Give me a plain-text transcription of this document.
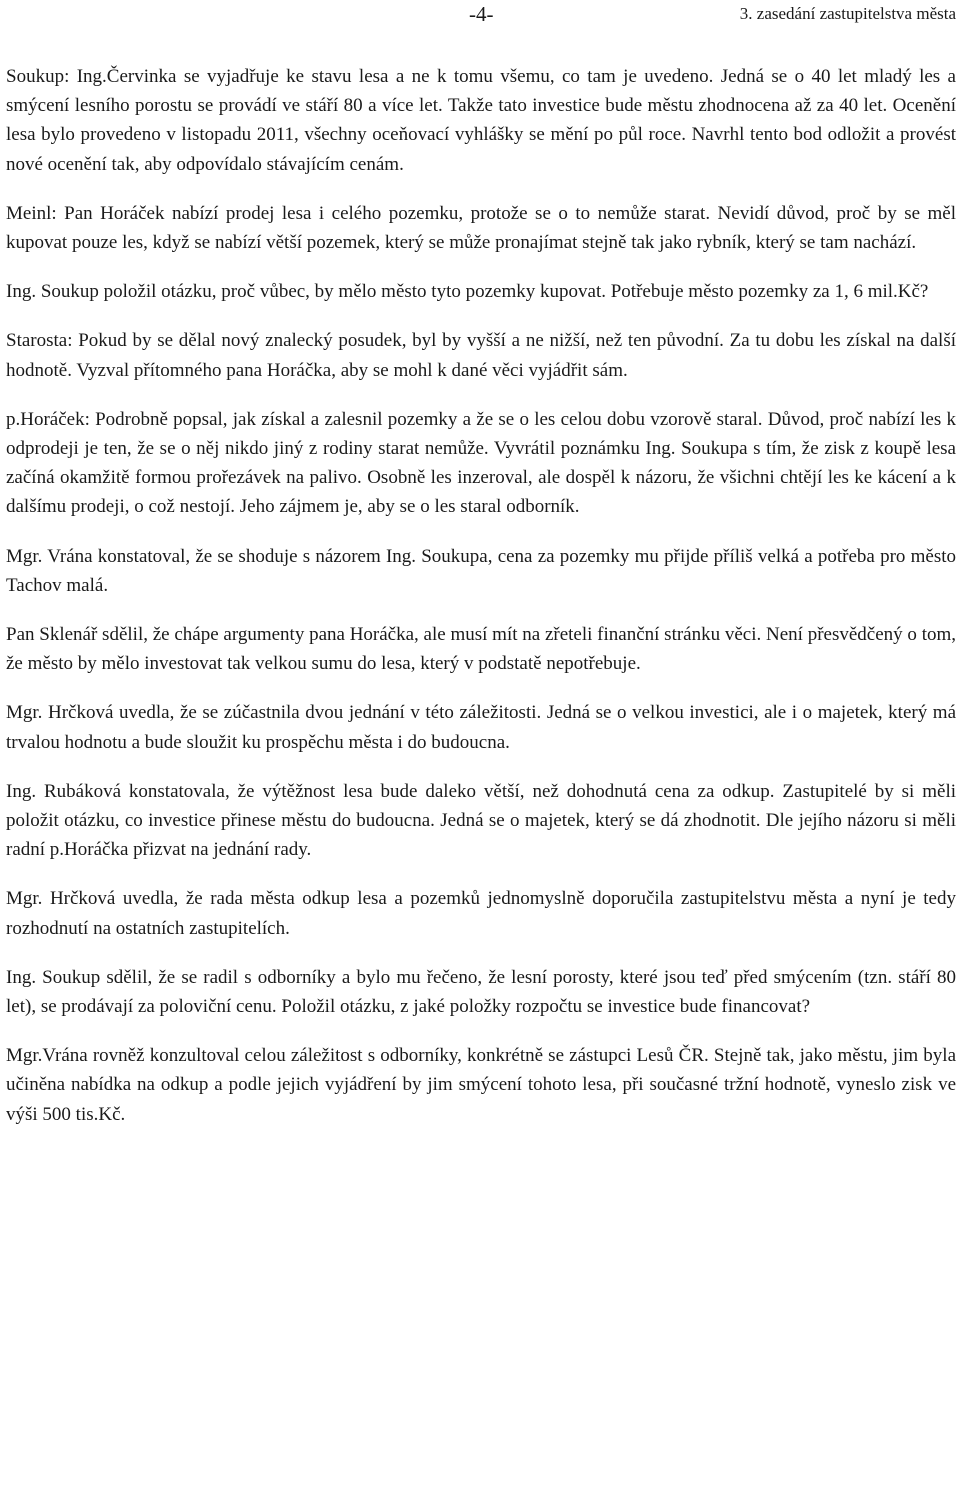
-4-	3. zasedání zastupitelstva města

Soukup: Ing.Červinka se vyjadřuje ke stavu lesa a ne k tomu všemu, co tam je uvedeno. Jedná se o 40 let mladý les a smýcení lesního porostu se provádí ve stáří 80 a více let. Takže tato investice bude městu zhodnocena až za 40 let. Ocenění lesa bylo provedeno v listopadu 2011, všechny oceňovací vyhlášky se mění po půl roce. Navrhl tento bod odložit a provést nové ocenění tak, aby odpovídalo stávajícím cenám.

Meinl: Pan Horáček nabízí prodej lesa i celého pozemku, protože se o to nemůže starat. Nevidí důvod, proč by se měl kupovat pouze les, když se nabízí větší pozemek, který se může pronajímat stejně tak jako rybník, který se tam nachází.

Ing. Soukup položil otázku, proč vůbec, by mělo město tyto pozemky kupovat. Potřebuje město pozemky za 1, 6 mil.Kč?

Starosta: Pokud by se dělal nový znalecký posudek, byl by vyšší a ne nižší, než ten původní. Za tu dobu les získal na další hodnotě. Vyzval přítomného pana Horáčka, aby se mohl k dané věci vyjádřit sám.

p.Horáček: Podrobně popsal, jak získal a zalesnil pozemky a že se o les celou dobu vzorově staral. Důvod, proč nabízí les k odprodeji je ten, že se o něj nikdo jiný z rodiny starat nemůže. Vyvrátil poznámku Ing. Soukupa s tím, že zisk z koupě lesa začíná okamžitě formou prořezávek na palivo. Osobně les inzeroval, ale dospěl k názoru, že všichni chtějí les ke kácení a k dalšímu prodeji, o což nestojí. Jeho zájmem je, aby se o les staral odborník.

Mgr. Vrána konstatoval, že se shoduje s názorem Ing. Soukupa, cena za pozemky mu přijde příliš velká a potřeba pro město Tachov malá.

Pan Sklenář sdělil, že chápe argumenty pana Horáčka, ale musí mít na zřeteli finanční stránku věci. Není přesvědčený o tom, že město by mělo investovat tak velkou sumu do lesa, který v podstatě nepotřebuje.

Mgr. Hrčková uvedla, že se zúčastnila dvou jednání v této záležitosti. Jedná se o velkou investici, ale i o majetek, který má trvalou hodnotu a bude sloužit ku prospěchu města i do budoucna.

Ing. Rubáková konstatovala, že výtěžnost lesa bude daleko větší, než dohodnutá cena za odkup. Zastupitelé by si měli položit otázku, co investice přinese městu do budoucna. Jedná se o majetek, který se dá zhodnotit. Dle jejího názoru si měli radní p.Horáčka přizvat na jednání rady.

Mgr. Hrčková uvedla, že rada města odkup lesa a pozemků jednomyslně doporučila zastupitelstvu města a nyní je tedy rozhodnutí na ostatních zastupitelích.

Ing. Soukup sdělil, že se radil s odborníky a bylo mu řečeno, že lesní porosty, které jsou teď před smýcením (tzn. stáří 80 let), se prodávají za poloviční cenu. Položil otázku, z jaké položky rozpočtu se investice bude financovat?

Mgr.Vrána rovněž konzultoval celou záležitost s odborníky, konkrétně se zástupci Lesů ČR. Stejně tak, jako městu, jim byla učiněna nabídka na odkup a podle jejich vyjádření by jim smýcení tohoto lesa, při současné tržní hodnotě, vyneslo zisk ve výši 500 tis.Kč.
